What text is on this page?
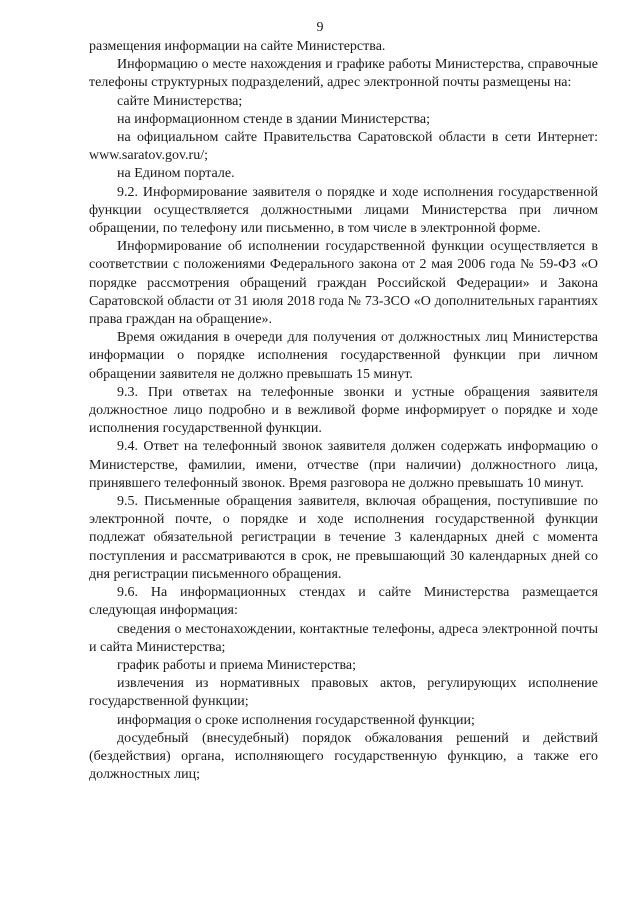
9

размещения информации на сайте Министерства.

Информацию о месте нахождения и графике работы Министерства, справочные телефоны структурных подразделений, адрес электронной почты размещены на:

сайте Министерства;

на информационном стенде в здании Министерства;

на официальном сайте Правительства Саратовской области в сети Интернет: www.saratov.gov.ru/;

на Едином портале.

9.2. Информирование заявителя о порядке и ходе исполнения государственной функции осуществляется должностными лицами Министерства при личном обращении, по телефону или письменно, в том числе в электронной форме.

Информирование об исполнении государственной функции осуществляется в соответствии с положениями Федерального закона от 2 мая 2006 года № 59-ФЗ «О порядке рассмотрения обращений граждан Российской Федерации» и Закона Саратовской области от 31 июля 2018 года № 73-ЗСО «О дополнительных гарантиях права граждан на обращение».

Время ожидания в очереди для получения от должностных лиц Министерства информации о порядке исполнения государственной функции при личном обращении заявителя не должно превышать 15 минут.

9.3. При ответах на телефонные звонки и устные обращения заявителя должностное лицо подробно и в вежливой форме информирует о порядке и ходе исполнения государственной функции.

9.4. Ответ на телефонный звонок заявителя должен содержать информацию о Министерстве, фамилии, имени, отчестве (при наличии) должностного лица, принявшего телефонный звонок. Время разговора не должно превышать 10 минут.

9.5. Письменные обращения заявителя, включая обращения, поступившие по электронной почте, о порядке и ходе исполнения государственной функции подлежат обязательной регистрации в течение 3 календарных дней с момента поступления и рассматриваются в срок, не превышающий 30 календарных дней со дня регистрации письменного обращения.

9.6. На информационных стендах и сайте Министерства размещается следующая информация:

сведения о местонахождении, контактные телефоны, адреса электронной почты и сайта Министерства;

график работы и приема Министерства;

извлечения из нормативных правовых актов, регулирующих исполнение государственной функции;

информация о сроке исполнения государственной функции;

досудебный (внесудебный) порядок обжалования решений и действий (бездействия) органа, исполняющего государственную функцию, а также его должностных лиц;
